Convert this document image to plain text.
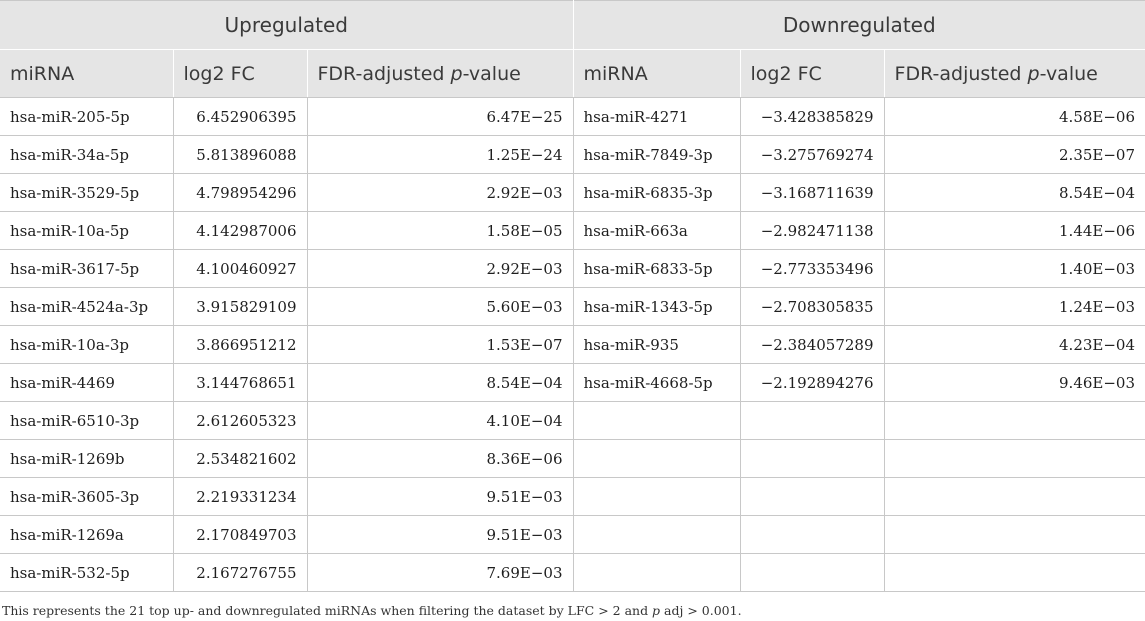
Upregulated			Downregulated		
miRNA	log2 FC	FDR-adjusted p-value	miRNA	log2 FC	FDR-adjusted p-value
hsa-miR-205-5p	6.452906395	6.47E−25	hsa-miR-4271	−3.428385829	4.58E−06
hsa-miR-34a-5p	5.813896088	1.25E−24	hsa-miR-7849-3p	−3.275769274	2.35E−07
hsa-miR-3529-5p	4.798954296	2.92E−03	hsa-miR-6835-3p	−3.168711639	8.54E−04
hsa-miR-10a-5p	4.142987006	1.58E−05	hsa-miR-663a	−2.982471138	1.44E−06
hsa-miR-3617-5p	4.100460927	2.92E−03	hsa-miR-6833-5p	−2.773353496	1.40E−03
hsa-miR-4524a-3p	3.915829109	5.60E−03	hsa-miR-1343-5p	−2.708305835	1.24E−03
hsa-miR-10a-3p	3.866951212	1.53E−07	hsa-miR-935	−2.384057289	4.23E−04
hsa-miR-4469	3.144768651	8.54E−04	hsa-miR-4668-5p	−2.192894276	9.46E−03
hsa-miR-6510-3p	2.612605323	4.10E−04			
hsa-miR-1269b	2.534821602	8.36E−06			
hsa-miR-3605-3p	2.219331234	9.51E−03			
hsa-miR-1269a	2.170849703	9.51E−03			
hsa-miR-532-5p	2.167276755	7.69E−03			
This represents the 21 top up- and downregulated miRNAs when filtering the dataset by LFC > 2 and p adj > 0.001.
